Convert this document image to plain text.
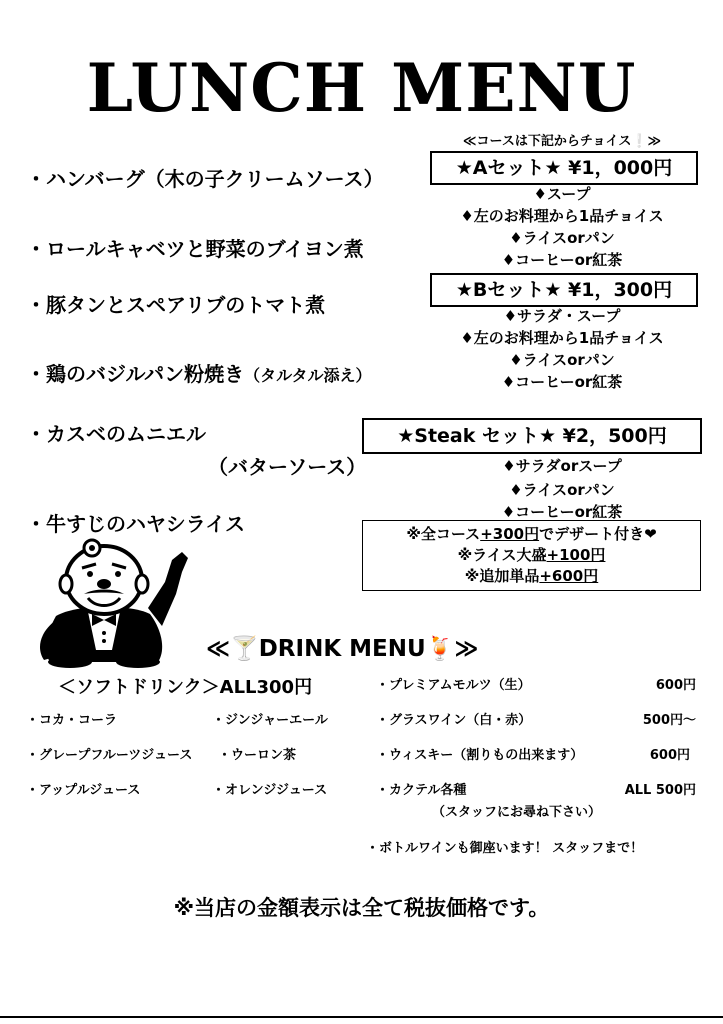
LUNCH MENU
・ハンバーグ（木の子クリームソース）
・ロールキャベツと野菜のブイヨン煮
・豚タンとスペアリブのトマト煮
・鶏のバジルパン粉焼き（タルタル添え）
・カスベのムニエル
（バターソース）
・牛すじのハヤシライス
≪コースは下記からチョイス❕≫
★Aセット★ ¥1，000円
♦スープ
♦左のお料理から1品チョイス
♦ライスorパン
♦コーヒーor紅茶
★Bセット★ ¥1，300円
♦サラダ・スープ
♦左のお料理から1品チョイス
♦ライスorパン
♦コーヒーor紅茶
★Steak セット★ ¥2，500円
♦サラダorスープ
♦ライスorパン
♦コーヒーor紅茶
※全コース+300円でデザート付き❤
※ライス大盛+100円
※追加単品+600円
≪🍸DRINK MENU🍹≫
＜ソフトドリンク＞ALL300円
・コカ・コーラ	・ジンジャーエール
・グレープフルーツジュース ・ウーロン茶
・アップルジュース	・オレンジジュース
・プレミアムモルツ（生）	600円
・グラスワイン（白・赤）	500円～
・ウィスキー（割りもの出来ます）	600円
・カクテル各種	ALL 500円
（スタッフにお尋ね下さい）
・ボトルワインも御座います！ スタッフまで！
※当店の金額表示は全て税抜価格です。
